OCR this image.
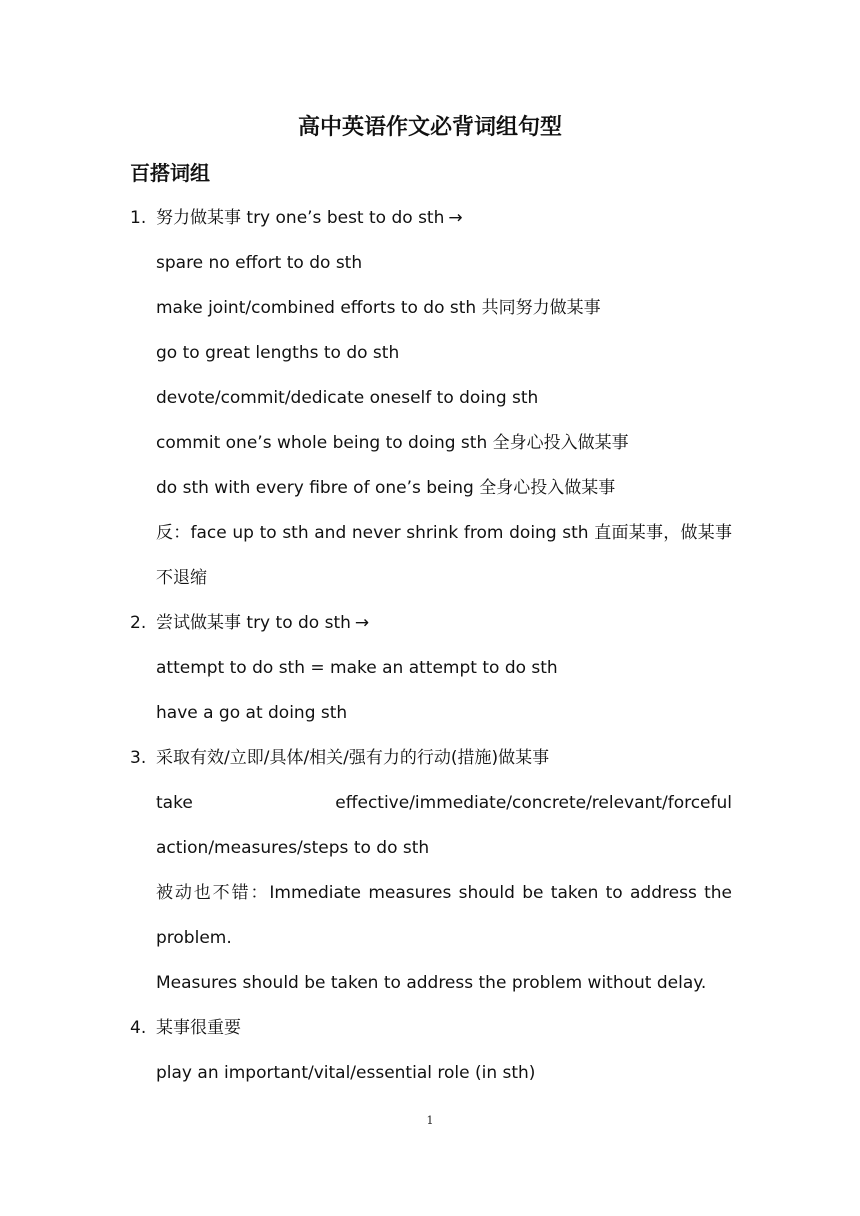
高中英语作文必背词组句型
百搭词组
1. 努力做某事 try one’s best to do sth →
spare no effort to do sth
make joint/combined efforts to do sth 共同努力做某事
go to great lengths to do sth
devote/commit/dedicate oneself to doing sth
commit one’s whole being to doing sth 全身心投入做某事
do sth with every fibre of one’s being 全身心投入做某事
反：face up to sth and never shrink from doing sth 直面某事，做某事
不退缩
2. 尝试做某事 try to do sth →
attempt to do sth = make an attempt to do sth
have a go at doing sth
3. 采取有效/立即/具体/相关/强有力的行动(措施)做某事
take                          effective/immediate/concrete/relevant/forceful
action/measures/steps to do sth
被动也不错：Immediate measures should be taken to address the
problem.
Measures should be taken to address the problem without delay.
4. 某事很重要
play an important/vital/essential role (in sth)
1
